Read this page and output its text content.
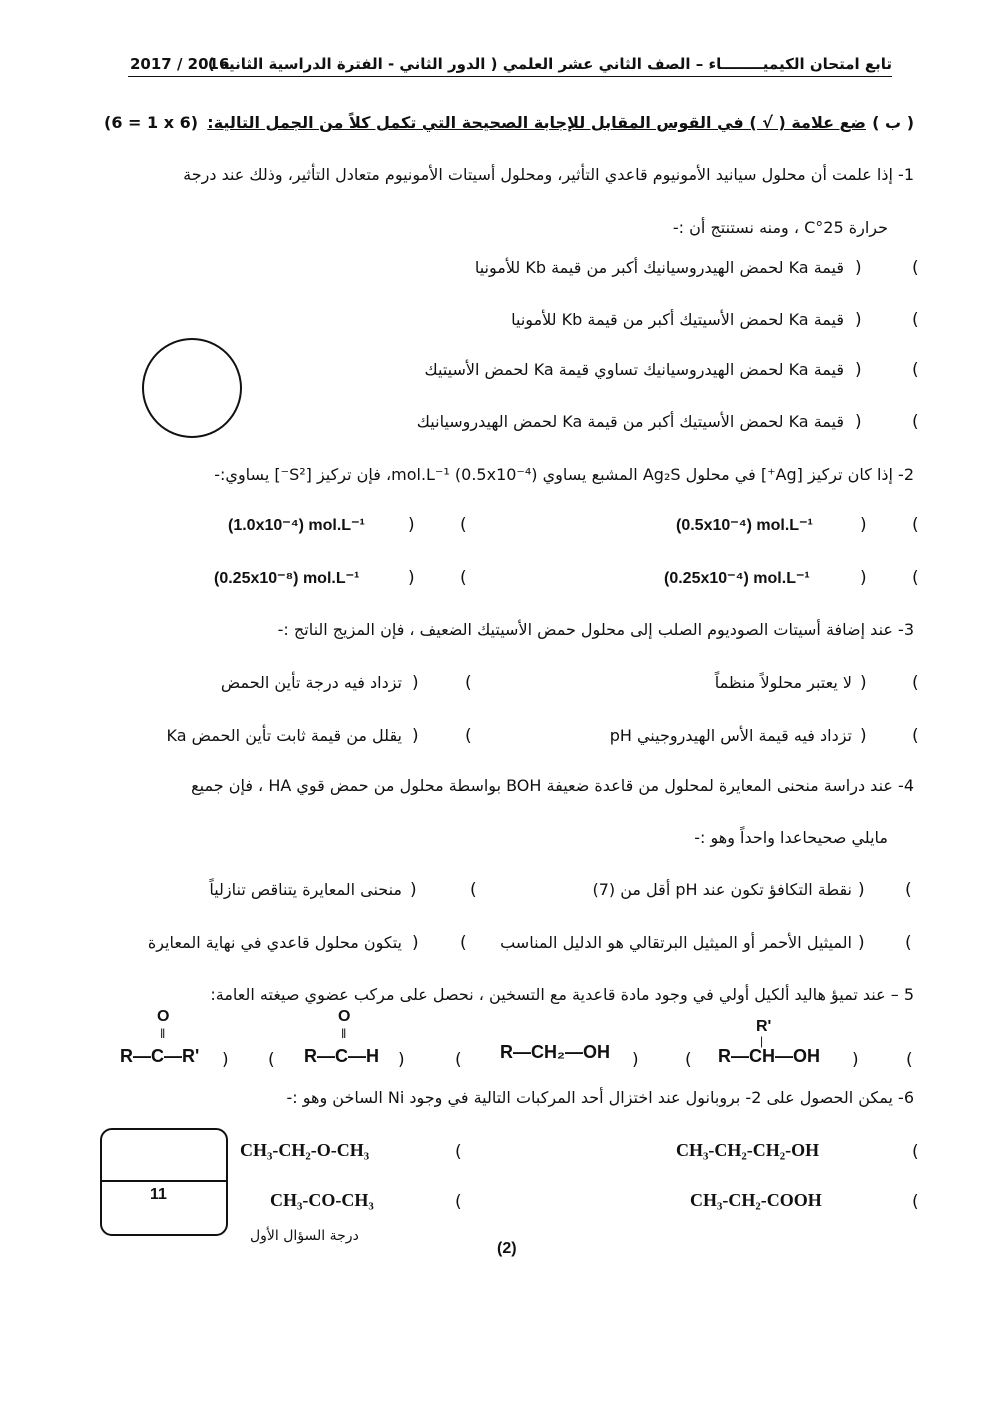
تابع امتحان الكيميــــــــاء – الصف الثاني عشر العلمي ( الدور الثاني - الفترة الدراسية الثانية )
2017 / 2016
( ب )
ضع علامة ( √ ) في القوس المقابل للإجابة الصحيحة التي تكمل كلاً من الجمل التالية:
(6 = 1 x 6)
1- إذا علمت أن محلول سيانيد الأمونيوم قاعدي التأثير، ومحلول أسيتات الأمونيوم متعادل التأثير، وذلك عند درجة
حرارة 25°C ، ومنه نستنتج أن :-
(
)
قيمة Ka لحمض الهيدروسيانيك أكبر من قيمة Kb للأمونيا
(
)
قيمة Ka لحمض الأسيتيك أكبر من قيمة Kb للأمونيا
(
)
قيمة Ka لحمض الهيدروسيانيك تساوي قيمة Ka لحمض الأسيتيك
(
)
قيمة Ka لحمض الأسيتيك أكبر من قيمة Ka لحمض الهيدروسيانيك
2- إذا كان تركيز [Ag⁺] في محلول Ag₂S المشبع يساوي (0.5x10⁻⁴) mol.L⁻¹، فإن تركيز [S²⁻] يساوي:-
(
)
(0.5x10⁻⁴) mol.L⁻¹
(
)
(1.0x10⁻⁴) mol.L⁻¹
(
)
(0.25x10⁻⁴) mol.L⁻¹
(
)
(0.25x10⁻⁸) mol.L⁻¹
3- عند إضافة أسيتات الصوديوم الصلب إلى محلول حمض الأسيتيك الضعيف ، فإن المزيج الناتج :-
(
)
لا يعتبر محلولاً منظماً
(
)
تزداد فيه درجة تأين الحمض
(
)
تزداد فيه قيمة الأس الهيدروجيني pH
(
)
يقلل من قيمة ثابت تأين الحمض Ka
4- عند دراسة منحنى المعايرة لمحلول من قاعدة ضعيفة BOH بواسطة محلول من حمض قوي HA ، فإن جميع
مايلي صحيحاعدا واحداً وهو :-
(
)
نقطة التكافؤ تكون عند pH أقل من (7)
(
)
منحنى المعايرة يتناقص تنازلياً
(
)
الميثيل الأحمر أو الميثيل البرتقالي هو الدليل المناسب
(
)
يتكون محلول قاعدي في نهاية المعايرة
5 – عند تميؤ هاليد ألكيل أولي في وجود مادة قاعدية مع التسخين ، نحصل على مركب عضوي صيغته العامة:
O
‖
O
‖	R'
|
(
)
R—CH—OH
(
)
R—CH₂—OH
(
)
R—C—H
(
)
R—C—R'
6- يمكن الحصول على 2- بروبانول عند اختزال أحد المركبات التالية في وجود Ni الساخن وهو :-
(
CH₃-CH₂-CH₂-OH
(
CH₃-CH₂-O-CH₃
(
CH₃-CH₂-COOH
(
CH₃-CO-CH₃
11
درجة السؤال الأول
(2)
